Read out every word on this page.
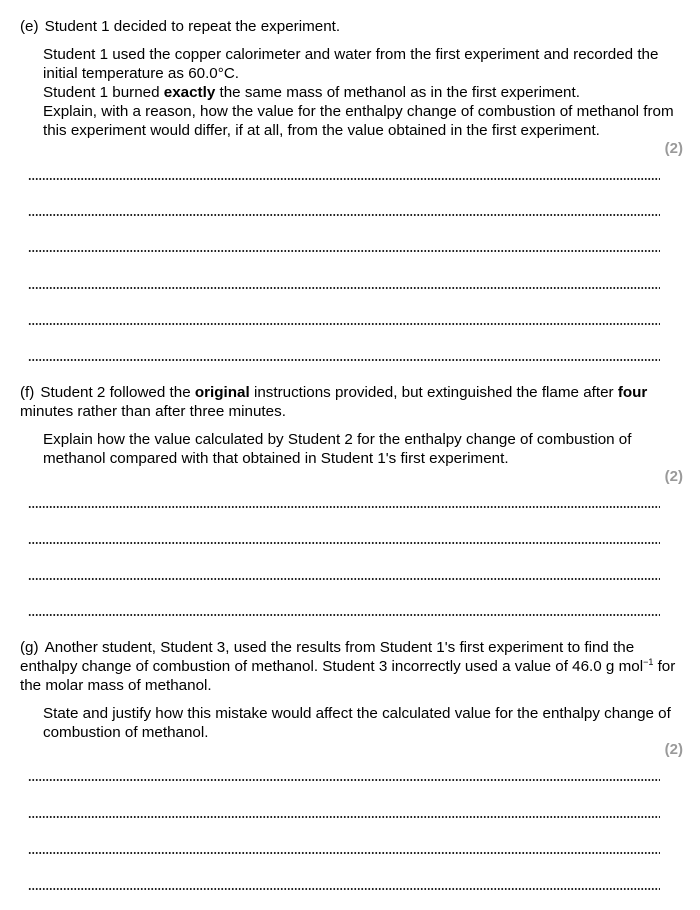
(e) Student 1 decided to repeat the experiment.

Student 1 used the copper calorimeter and water from the first experiment and recorded the initial temperature as 60.0°C.

Student 1 burned exactly the same mass of methanol as in the first experiment.

Explain, with a reason, how the value for the enthalpy change of combustion of methanol from this experiment would differ, if at all, from the value obtained in the first experiment.

(2)

(f) Student 2 followed the original instructions provided, but extinguished the flame after four minutes rather than after three minutes.

Explain how the value calculated by Student 2 for the enthalpy change of combustion of methanol compared with that obtained in Student 1's first experiment.

(2)

(g) Another student, Student 3, used the results from Student 1's first experiment to find the enthalpy change of combustion of methanol. Student 3 incorrectly used a value of 46.0 g mol$^{-1}$ for the molar mass of methanol.

State and justify how this mistake would affect the calculated value for the enthalpy change of combustion of methanol.

(2)
